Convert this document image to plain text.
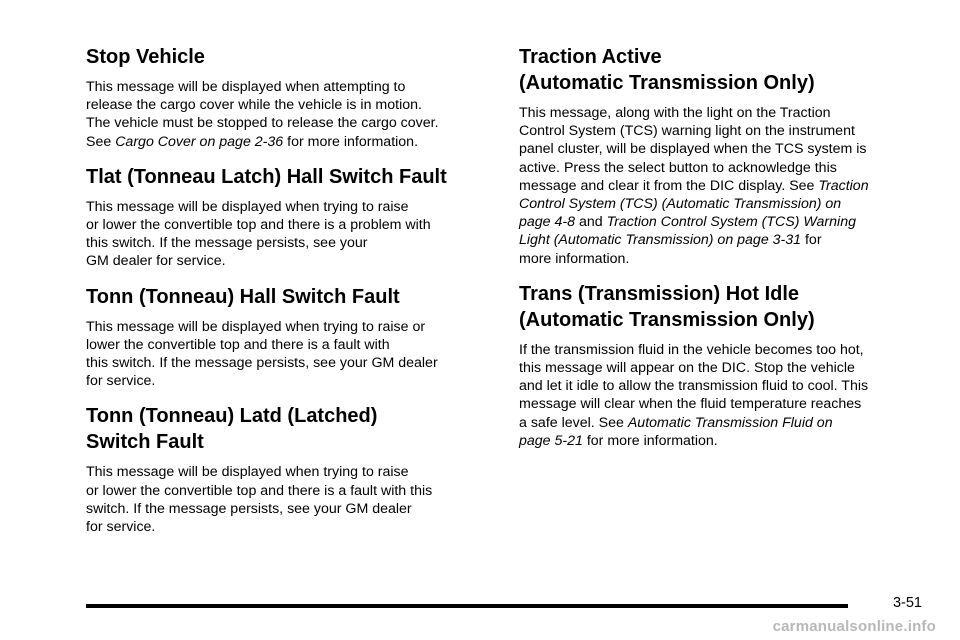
Stop Vehicle

This message will be displayed when attempting to
release the cargo cover while the vehicle is in motion.
The vehicle must be stopped to release the cargo cover.
See Cargo Cover on page 2-36 for more information.

Tlat (Tonneau Latch) Hall Switch Fault

This message will be displayed when trying to raise
or lower the convertible top and there is a problem with
this switch. If the message persists, see your
GM dealer for service.

Tonn (Tonneau) Hall Switch Fault

This message will be displayed when trying to raise or
lower the convertible top and there is a fault with
this switch. If the message persists, see your GM dealer
for service.

Tonn (Tonneau) Latd (Latched)
Switch Fault

This message will be displayed when trying to raise
or lower the convertible top and there is a fault with this
switch. If the message persists, see your GM dealer
for service.

Traction Active
(Automatic Transmission Only)

This message, along with the light on the Traction
Control System (TCS) warning light on the instrument
panel cluster, will be displayed when the TCS system is
active. Press the select button to acknowledge this
message and clear it from the DIC display. See Traction
Control System (TCS) (Automatic Transmission) on
page 4-8 and Traction Control System (TCS) Warning
Light (Automatic Transmission) on page 3-31 for
more information.

Trans (Transmission) Hot Idle
(Automatic Transmission Only)

If the transmission fluid in the vehicle becomes too hot,
this message will appear on the DIC. Stop the vehicle
and let it idle to allow the transmission fluid to cool. This
message will clear when the fluid temperature reaches
a safe level. See Automatic Transmission Fluid on
page 5-21 for more information.

3-51
carmanualsonline.info
